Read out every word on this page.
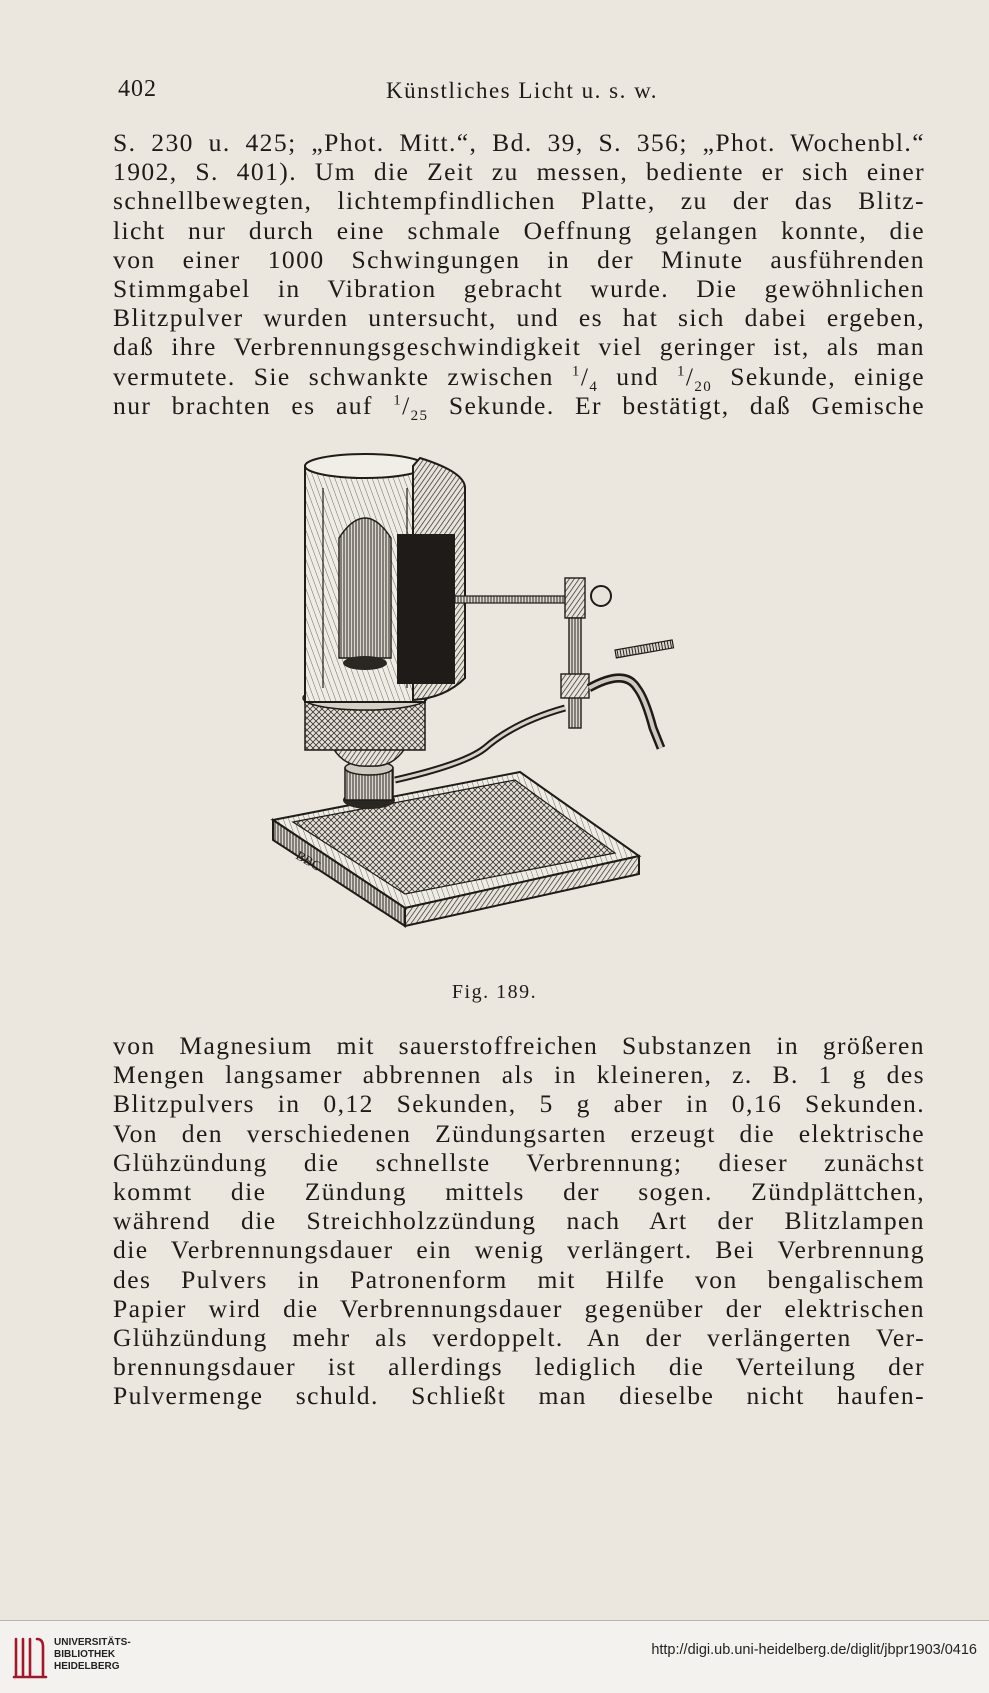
402	Künstliches Licht u. s. w.
S. 230 u. 425; „Phot. Mitt.“, Bd. 39, S. 356; „Phot. Wochenbl.“
1902, S. 401). Um die Zeit zu messen, bediente er sich einer
schnellbewegten, lichtempfindlichen Platte, zu der das Blitz-
licht nur durch eine schmale Oeffnung gelangen konnte, die
von einer 1000 Schwingungen in der Minute ausführenden
Stimmgabel in Vibration gebracht wurde. Die gewöhnlichen
Blitzpulver wurden untersucht, und es hat sich dabei ergeben,
daß ihre Verbrennungsgeschwindigkeit viel geringer ist, als man
vermutete. Sie schwankte zwischen $^1/_4$ und $^1/_{20}$ Sekunde, einige
nur brachten es auf $^1/_{25}$ Sekunde. Er bestätigt, daß Gemische
BBC
Fig. 189.
von Magnesium mit sauerstoffreichen Substanzen in größeren
Mengen langsamer abbrennen als in kleineren, z. B. 1 g des
Blitzpulvers in 0,12 Sekunden, 5 g aber in 0,16 Sekunden.
Von den verschiedenen Zündungsarten erzeugt die elektrische
Glühzündung die schnellste Verbrennung; dieser zunächst
kommt die Zündung mittels der sogen. Zündplättchen,
während die Streichholzzündung nach Art der Blitzlampen
die Verbrennungsdauer ein wenig verlängert. Bei Verbrennung
des Pulvers in Patronenform mit Hilfe von bengalischem
Papier wird die Verbrennungsdauer gegenüber der elektrischen
Glühzündung mehr als verdoppelt. An der verlängerten Ver-
brennungsdauer ist allerdings lediglich die Verteilung der
Pulvermenge schuld. Schließt man dieselbe nicht haufen-
UNIVERSITÄTS-
BIBLIOTHEK
HEIDELBERG
http://digi.ub.uni-heidelberg.de/diglit/jbpr1903/0416
